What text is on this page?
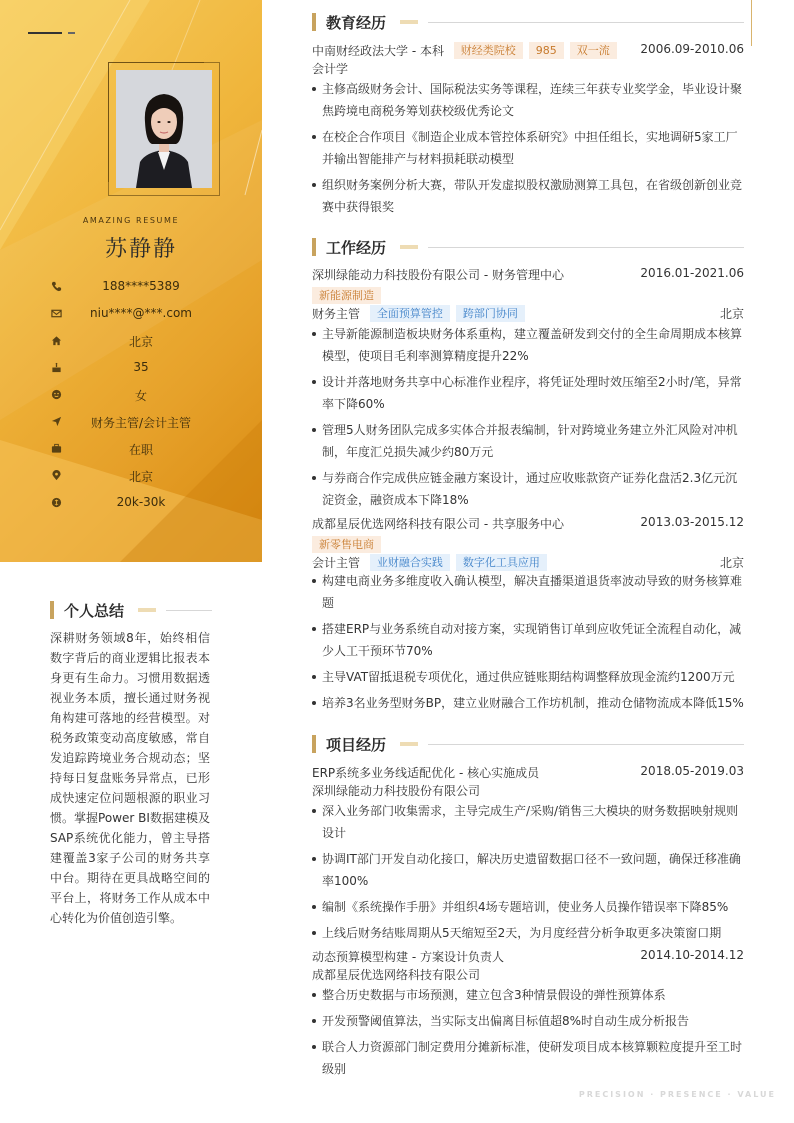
AMAZING RESUME
苏静静
188****5389
niu****@***.com
北京
35
女
财务主管/会计主管
在职
北京
20k-30k
个人总结
深耕财务领域8年，始终相信数字背后的商业逻辑比报表本身更有生命力。习惯用数据透视业务本质，擅长通过财务视角构建可落地的经营模型。对税务政策变动高度敏感，常自发追踪跨境业务合规动态；坚持每日复盘账务异常点，已形成快速定位问题根源的职业习惯。掌握Power BI数据建模及SAP系统优化能力，曾主导搭建覆盖3家子公司的财务共享中台。期待在更具战略空间的平台上，将财务工作从成本中心转化为价值创造引擎。
教育经历
中南财经政法大学 - 本科 财经类院校 985 双一流	2006.09-2010.06
会计学
主修高级财务会计、国际税法实务等课程，连续三年获专业奖学金，毕业设计聚焦跨境电商税务筹划获校级优秀论文
在校企合作项目《制造企业成本管控体系研究》中担任组长，实地调研5家工厂并输出智能排产与材料损耗联动模型
组织财务案例分析大赛，带队开发虚拟股权激励测算工具包，在省级创新创业竞赛中获得银奖
工作经历
深圳绿能动力科技股份有限公司 - 财务管理中心	2016.01-2021.06
新能源制造
财务主管 全面预算管控 跨部门协同	北京
主导新能源制造板块财务体系重构，建立覆盖研发到交付的全生命周期成本核算模型，使项目毛利率测算精度提升22%
设计并落地财务共享中心标准作业程序，将凭证处理时效压缩至2小时/笔，异常率下降60%
管理5人财务团队完成多实体合并报表编制，针对跨境业务建立外汇风险对冲机制，年度汇兑损失减少约80万元
与券商合作完成供应链金融方案设计，通过应收账款资产证券化盘活2.3亿元沉淀资金，融资成本下降18%
成都星辰优选网络科技有限公司 - 共享服务中心	2013.03-2015.12
新零售电商
会计主管 业财融合实践 数字化工具应用	北京
构建电商业务多维度收入确认模型，解决直播渠道退货率波动导致的财务核算难题
搭建ERP与业务系统自动对接方案，实现销售订单到应收凭证全流程自动化，减少人工干预环节70%
主导VAT留抵退税专项优化，通过供应链账期结构调整释放现金流约1200万元
培养3名业务型财务BP，建立业财融合工作坊机制，推动仓储物流成本降低15%
项目经历
ERP系统多业务线适配优化 - 核心实施成员	2018.05-2019.03
深圳绿能动力科技股份有限公司
深入业务部门收集需求，主导完成生产/采购/销售三大模块的财务数据映射规则设计
协调IT部门开发自动化接口，解决历史遗留数据口径不一致问题，确保迁移准确率100%
编制《系统操作手册》并组织4场专题培训，使业务人员操作错误率下降85%
上线后财务结账周期从5天缩短至2天，为月度经营分析争取更多决策窗口期
动态预算模型构建 - 方案设计负责人	2014.10-2014.12
成都星辰优选网络科技有限公司
整合历史数据与市场预测，建立包含3种情景假设的弹性预算体系
开发预警阈值算法，当实际支出偏离目标值超8%时自动生成分析报告
联合人力资源部门制定费用分摊新标准，使研发项目成本核算颗粒度提升至工时级别
PRECISION · PRESENCE · VALUE
